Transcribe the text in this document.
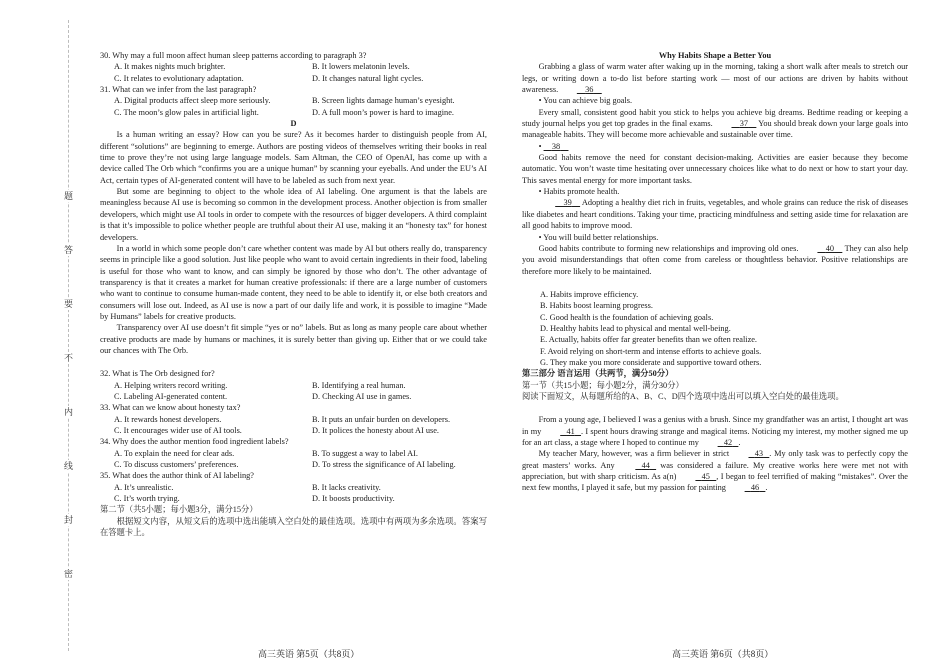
题
答
要
不
内
线
封
密
30. Why may a full moon affect human sleep patterns according to paragraph 3?
A. It makes nights much brighter.	B. It lowers melatonin levels.
C. It relates to evolutionary adaptation.	D. It changes natural light cycles.
31. What can we infer from the last paragraph?
A. Digital products affect sleep more seriously.	B. Screen lights damage human’s eyesight.
C. The moon’s glow pales in artificial light.	D. A full moon’s power is hard to imagine.
D

Is a human writing an essay? How can you be sure? As it becomes harder to distinguish people from AI, different “solutions” are beginning to emerge. Authors are posting videos of themselves writing their books in real time to prove they’re not using large language models. Sam Altman, the CEO of OpenAI, has come up with a device called The Orb which “confirms you are a unique human” by scanning your eyeballs. And under the EU’s AI Act, certain types of AI-generated content will have to be labeled as such from next year.

But some are beginning to object to the whole idea of AI labeling. One argument is that the labels are meaningless because AI use is becoming so common in the development process. Another objection is from smaller developers, which might use AI tools in order to compete with the resources of bigger developers. A third complaint is that it’s impossible to police whether people are truthful about their AI use, making it an “honesty tax” for honest developers.

In a world in which some people don’t care whether content was made by AI but others really do, transparency seems in principle like a good solution. Just like people who want to avoid certain ingredients in their food, labeling is useful for those who want to know, and can simply be ignored by those who don’t. The other advantage of transparency is that it creates a market for human creative professionals: if there are a large number of customers who want to continue to consume human-made content, they need to be able to identify it, or else both creators and consumers will lose out. Indeed, as AI use is now a part of our daily life and work, it is possible to imagine “Made by Humans” labels for creative products.

Transparency over AI use doesn’t fit simple “yes or no” labels. But as long as many people care about whether creative products are made by humans or machines, it is surely better than giving up. Either that or we could take our chances with The Orb.

32. What is The Orb designed for?
A. Helping writers record writing.	B. Identifying a real human.
C. Labeling AI-generated content.	D. Checking AI use in games.
33. What can we know about honesty tax?
A. It rewards honest developers.	B. It puts an unfair burden on developers.
C. It encourages wider use of AI tools.	D. It polices the honesty about AI use.
34. Why does the author mention food ingredient labels?
A. To explain the need for clear ads.	B. To suggest a way to label AI.
C. To discuss customers’ preferences.	D. To stress the significance of AI labeling.
35. What does the author think of AI labeling?
A. It’s unrealistic.	B. It lacks creativity.
C. It’s worth trying.	D. It boosts productivity.
第二节（共5小题；每小题3分，满分15分）

根据短文内容，从短文后的选项中选出能填入空白处的最佳选项。选项中有两项为多余选项。答案写在答题卡上。

高三英语 第5页（共8页）
Why Habits Shape a Better You

Grabbing a glass of warm water after waking up in the morning, taking a short walk after meals to stretch our legs, or writing down a to-do list before starting work — most of our actions are driven by habits without awareness.	36

• You can achieve big goals.

Every small, consistent good habit you stick to helps you achieve big dreams. Bedtime reading or keeping a study journal helps you get top grades in the final exams.	37 You should break down your large goals into manageable habits. They will become more achievable and sustainable over time.

•     38

Good habits remove the need for constant decision-making. Activities are easier because they become automatic. You won’t waste time hesitating over unnecessary choices like what to do next or how to start your day. This saves mental energy for more important tasks.

• Habits promote health.

39 Adopting a healthy diet rich in fruits, vegetables, and whole grains can reduce the risk of diseases like diabetes and heart conditions. Taking your time, practicing mindfulness and setting aside time for relaxation are all good habits to improve mood.

• You will build better relationships.

Good habits contribute to forming new relationships and improving old ones.	40 They can also help you avoid misunderstandings that often come from careless or thoughtless behavior. Positive relationships are therefore more likely to be maintained.

A. Habits improve efficiency.
B. Habits boost learning progress.
C. Good health is the foundation of achieving goals.
D. Healthy habits lead to physical and mental well-being.
E. Actually, habits offer far greater benefits than we often realize.
F. Avoid relying on short-term and intense efforts to achieve goals.
G. They make you more considerate and supportive toward others.
第三部分 语言运用（共两节，满分50分）
第一节（共15小题；每小题2分，满分30分）
阅读下面短文，从每题所给的A、B、C、D四个选项中选出可以填入空白处的最佳选项。

From a young age, I believed I was a genius with a brush. Since my grandfather was an artist, I thought art was in my	41 . I spent hours drawing strange and magical items. Noticing my interest, my mother signed me up for an art class, a stage where I hoped to continue my	42 .

My teacher Mary, however, was a firm believer in strict	43 . My only task was to perfectly copy the great masters’ works. Any	44 was considered a failure. My creative works here were met not with appreciation, but with sharp criticism. As a(n)	45 , I began to feel terrified of making “mistakes”. Over the next few months, I played it safe, but my passion for painting	46 .

高三英语 第6页（共8页）
